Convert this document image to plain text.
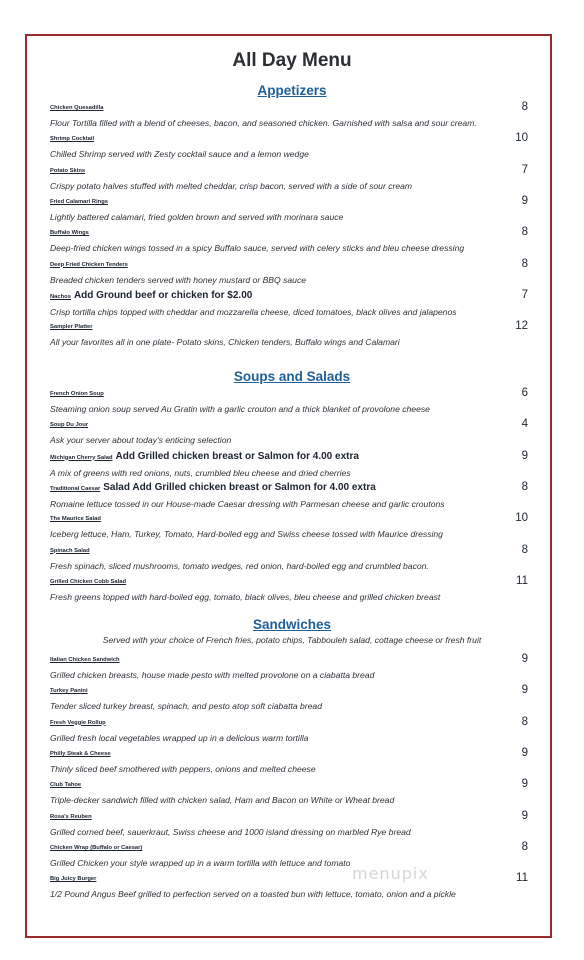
All Day Menu
Appetizers
Chicken Quesadilla
Flour Tortilla filled with a blend of cheeses, bacon, and seasoned chicken. Garnished with salsa and sour cream.
8
Shrimp Cocktail
Chilled Shrimp served with Zesty cocktail sauce and a lemon wedge
10
Potato Skins
Crispy potato halves stuffed with melted cheddar, crisp bacon, served with a side of sour cream
7
Fried Calamari Rings
Lightly battered calamari, fried golden brown and served with morinara sauce
9
Buffalo Wings
Deep-fried chicken wings tossed in a spicy Buffalo sauce, served with celery sticks and bleu cheese dressing
8
Deep Fried Chicken Tenders
Breaded chicken tenders served with honey mustard or BBQ sauce
8
Nachos Add Ground beef or chicken for $2.00
Crisp tortilla chips topped with cheddar and mozzarella cheese, diced tomatoes, black olives and jalapenos
7
Sampler Platter
All your favorites all in one plate- Potato skins, Chicken tenders, Buffalo wings and Calamari
12
Soups and Salads
French Onion Soup
Steaming onion soup served Au Gratin with a garlic crouton and a thick blanket of provolone cheese
6
Soup Du Jour
Ask your server about today's enticing selection
4
Michigan Cherry Salad Add Grilled chicken breast or Salmon for 4.00 extra
A mix of greens with red onions, nuts, crumbled bleu cheese and dried cherries
9
Traditional Caesar Salad Add Grilled chicken breast or Salmon for 4.00 extra
Romaine lettuce tossed in our House-made Caesar dressing with Parmesan cheese and garlic croutons
8
The Maurice Salad
Iceberg lettuce, Ham, Turkey, Tomato, Hard-boiled egg and Swiss cheese tossed with Maurice dressing
10
Spinach Salad
Fresh spinach, sliced mushrooms, tomato wedges, red onion, hard-boiled egg and crumbled bacon.
8
Grilled Chicken Cobb Salad
Fresh greens topped with hard-boiled egg, tomato, black olives, bleu cheese and grilled chicken breast
11
Sandwiches
Served with your choice of French fries, potato chips, Tabbouleh salad, cottage cheese or fresh fruit
Italian Chicken Sandwich
Grilled chicken breasts, house made pesto with melted provolone on a ciabatta bread
9
Turkey Panini
Tender sliced turkey breast, spinach, and pesto atop soft ciabatta bread
9
Fresh Veggie Rollup
Grilled fresh local vegetables wrapped up in a delicious warm tortilla
8
Philly Steak & Cheese
Thinly sliced beef smothered with peppers, onions and melted cheese
9
Club Tahoe
Triple-decker sandwich filled with chicken salad, Ham and Bacon on White or Wheat bread
9
Rosa's Reuben
Grilled corned beef, sauerkraut, Swiss cheese and 1000 island dressing on marbled Rye bread
9
Chicken Wrap (Buffalo or Caesar)
Grilled Chicken your style wrapped up in a warm tortilla with lettuce and tomato
8
Big Juicy Burger
1/2 Pound Angus Beef grilled to perfection served on a toasted bun with lettuce, tomato, onion and a pickle
11
menupix
